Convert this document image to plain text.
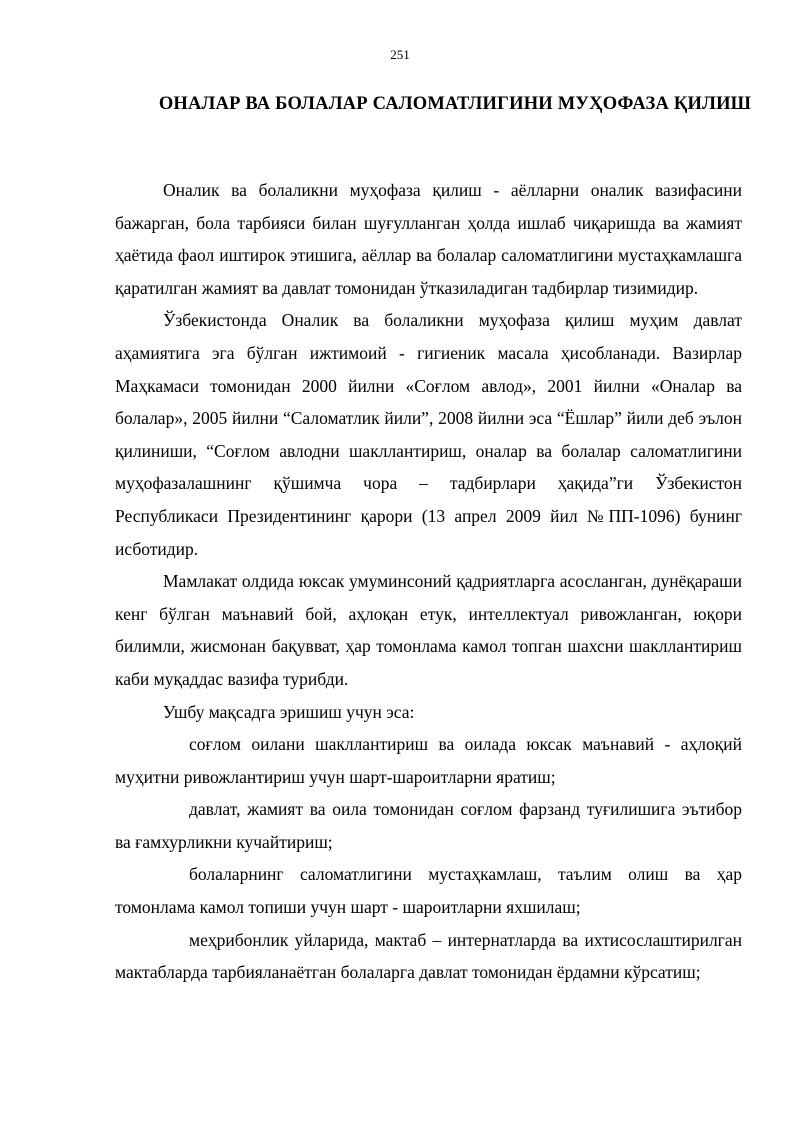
251
ОНАЛАР ВА БОЛАЛАР САЛОМАТЛИГИНИ МУҲОФАЗА ҚИЛИШ

Оналик ва болаликни муҳофаза қилиш - аёлларни оналик вазифасини бажарган, бола тарбияси билан шуғулланган ҳолда ишлаб чиқаришда ва жамият ҳаётида фаол иштирок этишига, аёллар ва болалар саломатлигини мустаҳкамлашга қаратилган жамият ва давлат томонидан ўтказиладиган тадбирлар тизимидир.

Ўзбекистонда Оналик ва болаликни муҳофаза қилиш муҳим давлат аҳамиятига эга бўлган ижтимоий - гигиеник масала ҳисобланади. Вазирлар Маҳкамаси томонидан 2000 йилни «Соғлом авлод», 2001 йилни «Оналар ва болалар», 2005 йилни “Саломатлик йили”, 2008 йилни эса “Ёшлар” йили деб эълон қилиниши, “Соғлом авлодни шакллантириш, оналар ва болалар саломатлигини муҳофазалашнинг қўшимча чора – тадбирлари ҳақида”ги Ўзбекистон Республикаси Президентининг қарори (13 апрел 2009 йил №ПП-1096) бунинг исботидир.

Мамлакат олдида юксак умуминсоний қадриятларга асосланган, дунёқараши кенг бўлган маънавий бой, аҳлоқан етук, интеллектуал ривожланган, юқори билимли, жисмонан бақувват, ҳар томонлама камол топган шахсни шакллантириш каби муқаддас вазифа турибди.

Ушбу мақсадга эришиш учун эса:

соғлом оилани шакллантириш ва оилада юксак маънавий - аҳлоқий муҳитни ривожлантириш учун шарт-шароитларни яратиш;

давлат, жамият ва оила томонидан соғлом фарзанд туғилишига эътибор ва ғамхурликни кучайтириш;

болаларнинг саломатлигини мустаҳкамлаш, таълим олиш ва ҳар томонлама камол топиши учун шарт - шароитларни яхшилаш;

меҳрибонлик уйларида, мактаб – интернатларда ва ихтисослаштирилган мактабларда тарбияланаётган болаларга давлат томонидан ёрдамни кўрсатиш;
